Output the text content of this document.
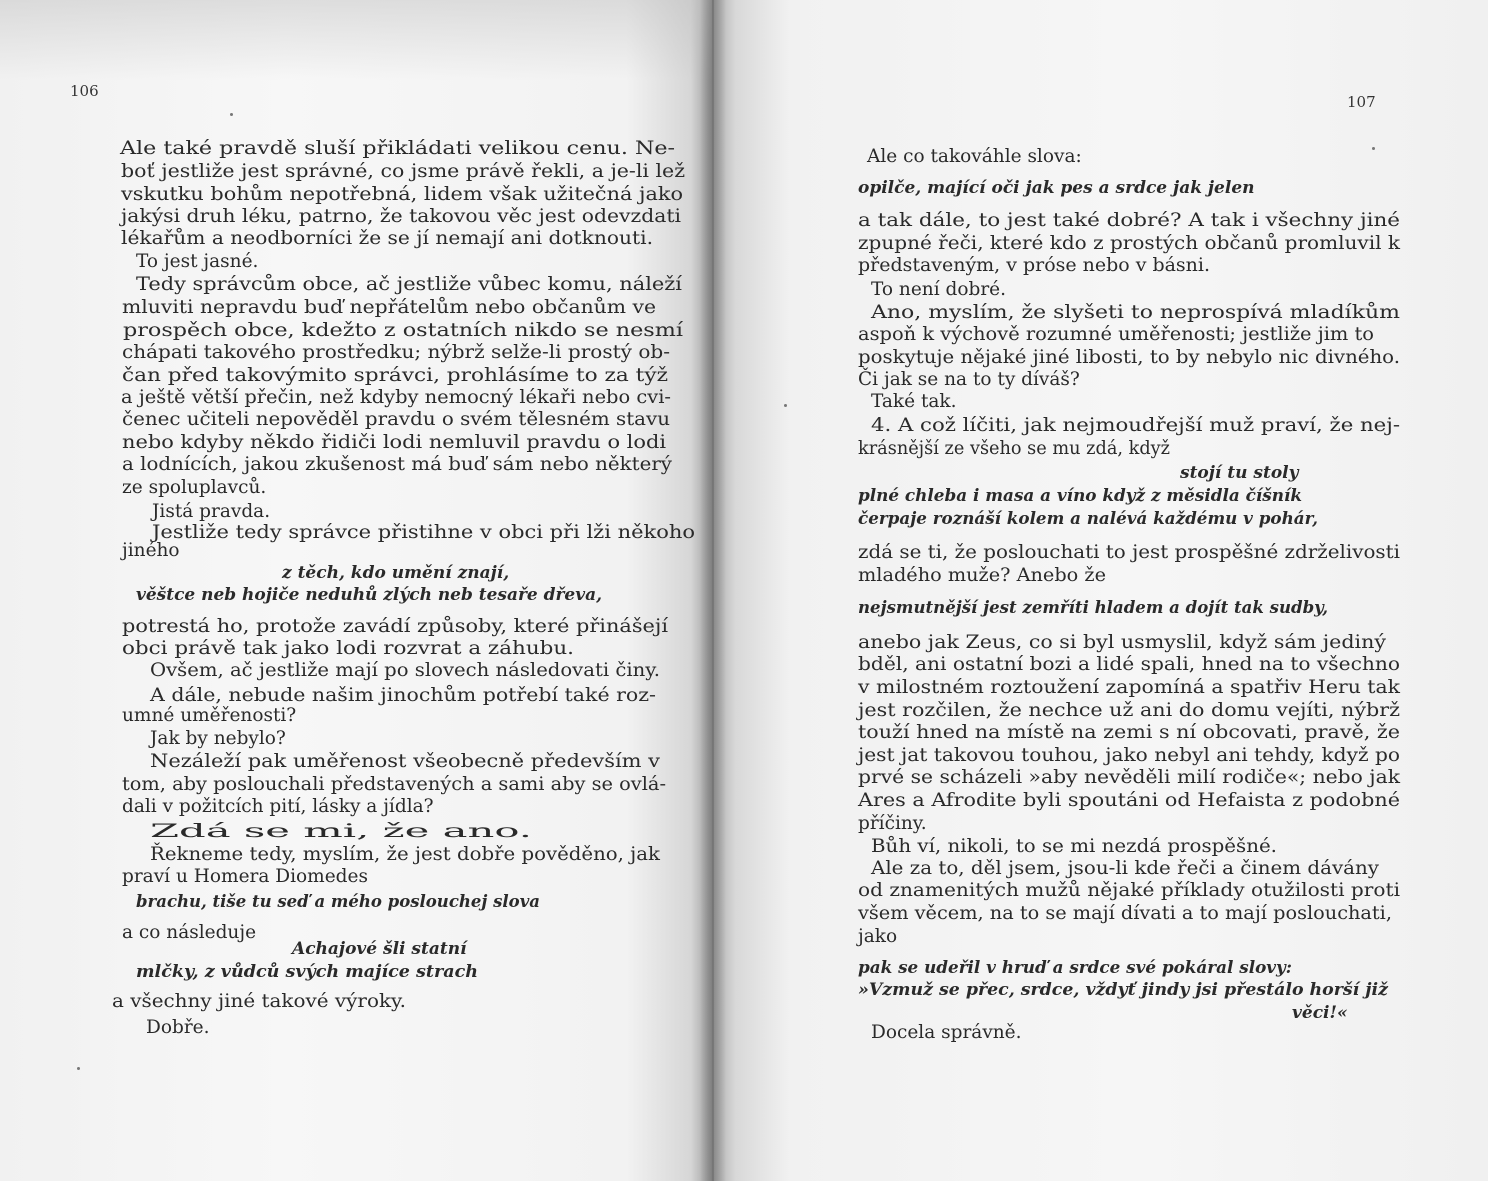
106

Ale také pravdě sluší přikládati velikou cenu. Ne-

boť jestliže jest správné, co jsme právě řekli, a je-li lež

vskutku bohům nepotřebná, lidem však užitečná jako

jakýsi druh léku, patrno, že takovou věc jest odevzdati

lékařům a neodborníci že se jí nemají ani dotknouti.

To jest jasné.

Tedy správcům obce, ač jestliže vůbec komu, náleží

mluviti nepravdu buď nepřátelům nebo občanům ve

prospěch obce, kdežto z ostatních nikdo se nesmí

chápati takového prostředku; nýbrž selže-li prostý ob-

čan před takovýmito správci, prohlásíme to za týž

a ještě větší přečin, než kdyby nemocný lékaři nebo cvi-

čenec učiteli nepověděl pravdu o svém tělesném stavu

nebo kdyby někdo řidiči lodi nemluvil pravdu o lodi

a lodnících, jakou zkušenost má buď sám nebo některý

ze spoluplavců.

Jistá pravda.

Jestliže tedy správce přistihne v obci při lži někoho

jiného

z těch, kdo umění znají,

věštce neb hojiče neduhů zlých neb tesaře dřeva,

potrestá ho, protože zavádí způsoby, které přinášejí

obci právě tak jako lodi rozvrat a záhubu.

Ovšem, ač jestliže mají po slovech následovati činy.

A dále, nebude našim jinochům potřebí také roz-

umné uměřenosti?

Jak by nebylo?

Nezáleží pak uměřenost všeobecně především v

tom, aby poslouchali představených a sami aby se ovlá-

dali v požitcích pití, lásky a jídla?

Zdá se mi, že ano.

Řekneme tedy, myslím, že jest dobře pověděno, jak

praví u Homera Diomedes

brachu, tiše tu seď a mého poslouchej slova

a co následuje

Achajové šli statní

mlčky, z vůdců svých majíce strach

a všechny jiné takové výroky.

Dobře.

107

Ale co takováhle slova:

opilče, mající oči jak pes a srdce jak jelen

a tak dále, to jest také dobré? A tak i všechny jiné

zpupné řeči, které kdo z prostých občanů promluvil k

představeným, v próse nebo v básni.

To není dobré.

Ano, myslím, že slyšeti to neprospívá mladíkům

aspoň k výchově rozumné uměřenosti; jestliže jim to

poskytuje nějaké jiné libosti, to by nebylo nic divného.

Či jak se na to ty díváš?

Také tak.

4. A což líčiti, jak nejmoudřejší muž praví, že nej-

krásnější ze všeho se mu zdá, když

stojí tu stoly

plné chleba i masa a víno když z měsidla číšník

čerpaje roznáší kolem a nalévá každému v pohár,

zdá se ti, že poslouchati to jest prospěšné zdrželivosti

mladého muže? Anebo že

nejsmutnější jest zemříti hladem a dojít tak sudby,

anebo jak Zeus, co si byl usmyslil, když sám jediný

bděl, ani ostatní bozi a lidé spali, hned na to všechno

v milostném roztoužení zapomíná a spatřiv Heru tak

jest rozčilen, že nechce už ani do domu vejíti, nýbrž

touží hned na místě na zemi s ní obcovati, pravě, že

jest jat takovou touhou, jako nebyl ani tehdy, když po

prvé se scházeli »aby nevěděli milí rodiče«; nebo jak

Ares a Afrodite byli spoutáni od Hefaista z podobné

příčiny.

Bůh ví, nikoli, to se mi nezdá prospěšné.

Ale za to, děl jsem, jsou-li kde řeči a činem dávány

od znamenitých mužů nějaké příklady otužilosti proti

všem věcem, na to se mají dívati a to mají poslouchati,

jako

pak se udeřil v hruď a srdce své pokáral slovy:

»Vzmuž se přec, srdce, vždyť jindy jsi přestálo horší již

věci!«

Docela správně.
